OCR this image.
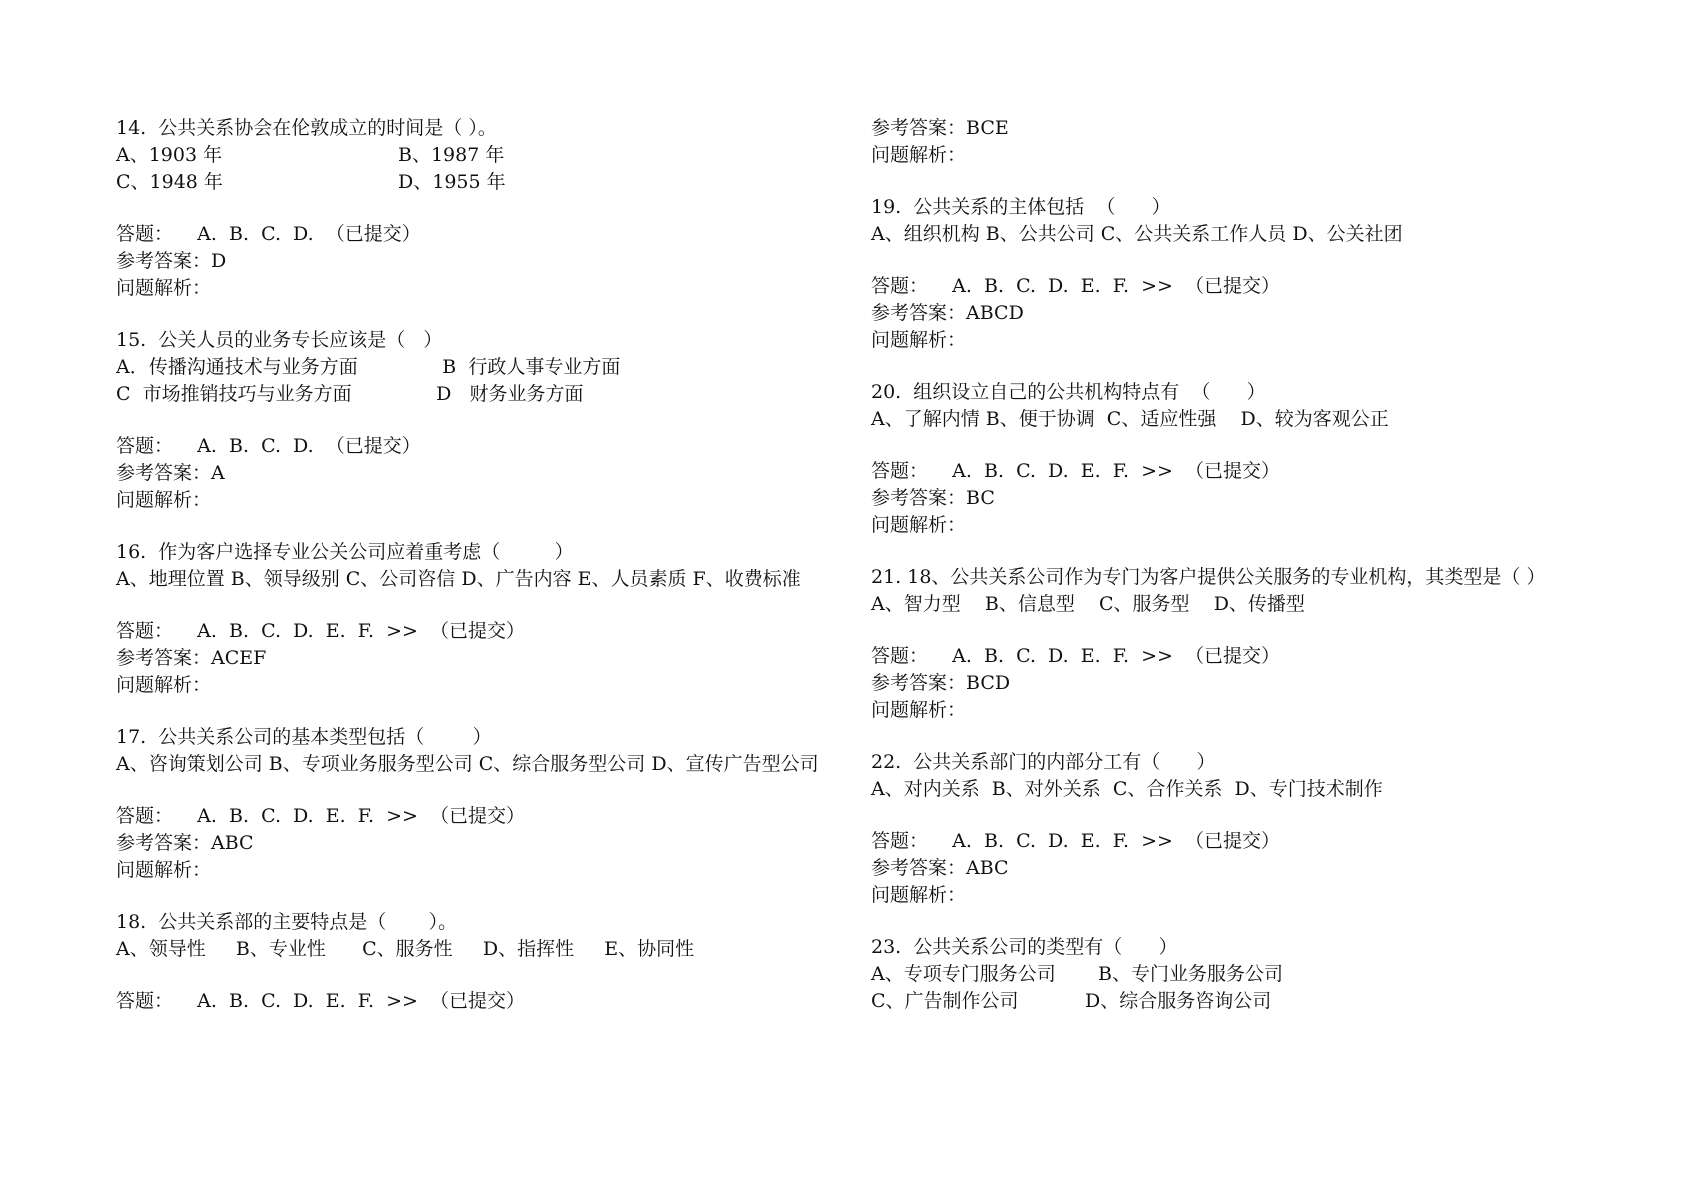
14.  公共关系协会在伦敦成立的时间是（ ）。
A、1903 年	B、1987 年
C、1948 年	D、1955 年
答题：    A.  B.  C.  D.  （已提交）
参考答案：D
问题解析：
15.  公关人员的业务专长应该是（   ）
A．传播沟通技术与业务方面              B  行政人事专业方面
C  市场推销技巧与业务方面              D   财务业务方面
答题：    A.  B.  C.  D.  （已提交）
参考答案：A
问题解析：
16.  作为客户选择专业公关公司应着重考虑（         ）
A、地理位置 B、领导级别 C、公司咨信 D、广告内容 E、人员素质 F、收费标准
答题：    A.  B.  C.  D.  E.  F.  >>  （已提交）
参考答案：ACEF
问题解析：
17.  公共关系公司的基本类型包括（        ）
A、咨询策划公司 B、专项业务服务型公司 C、综合服务型公司 D、宣传广告型公司
答题：    A.  B.  C.  D.  E.  F.  >>  （已提交）
参考答案：ABC
问题解析：
18.  公共关系部的主要特点是（       ）。
A、领导性     B、专业性      C、服务性     D、指挥性     E、协同性
答题：    A.  B.  C.  D.  E.  F.  >>  （已提交）
参考答案：BCE
问题解析：
19.  公共关系的主体包括  （      ）
A、组织机构 B、公共公司 C、公共关系工作人员 D、公关社团
答题：    A.  B.  C.  D.  E.  F.  >>  （已提交）
参考答案：ABCD
问题解析：
20.  组织设立自己的公共机构特点有  （      ）
A、了解内情 B、便于协调  C、适应性强    D、较为客观公正
答题：    A.  B.  C.  D.  E.  F.  >>  （已提交）
参考答案：BC
问题解析：
21. 18、公共关系公司作为专门为客户提供公关服务的专业机构，其类型是（ ）
A、智力型    B、信息型    C、服务型    D、传播型
答题：    A.  B.  C.  D.  E.  F.  >>  （已提交）
参考答案：BCD
问题解析：
22.  公共关系部门的内部分工有（      ）
A、对内关系  B、对外关系  C、合作关系  D、专门技术制作
答题：    A.  B.  C.  D.  E.  F.  >>  （已提交）
参考答案：ABC
问题解析：
23.  公共关系公司的类型有（      ）
A、专项专门服务公司       B、专门业务服务公司
C、广告制作公司           D、综合服务咨询公司
